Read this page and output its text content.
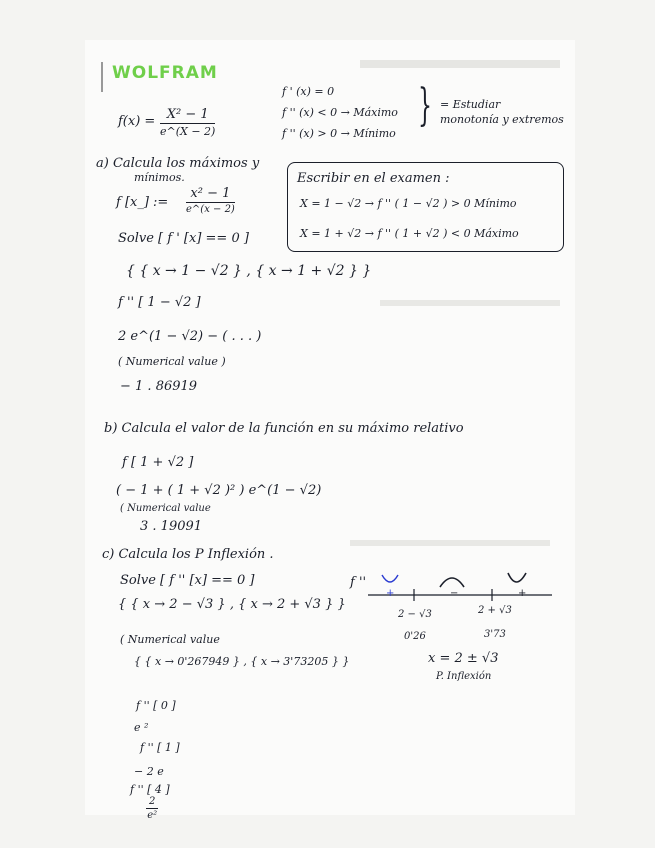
WOLFRAM
f(x) = X² − 1
e^(X − 2)
f ' (x) = 0
f '' (x) < 0 → Máximo
f '' (x) > 0 → Mínimo
} = Estudiar
monotonía y extremos
a) Calcula los máximos y
mínimos.
f [x_] :=
x² − 1
e^(x − 2)
Solve [ f ' [x] == 0 ]
{ { x → 1 − √2 } , { x → 1 + √2 } }
f '' [ 1 − √2 ]
2 e^(1 − √2) − ( . . . )
( Numerical value )
− 1 . 86919
Escribir en el examen :
X = 1 − √2 → f '' ( 1 − √2 ) > 0 Mínimo
X = 1 + √2 → f '' ( 1 + √2 ) < 0 Máximo
b) Calcula el valor de la función en su máximo relativo
f [ 1 + √2 ]
( − 1 + ( 1 + √2 )² ) e^(1 − √2)
( Numerical value
3 . 19091
c) Calcula los P Inflexión .
Solve [ f '' [x] == 0 ]
{ { x → 2 − √3 } , { x → 2 + √3 } }
( Numerical value
{ { x → 0'267949 } , { x → 3'73205 } }
f '' [ 0 ]
e ²
f '' [ 1 ]
− 2 e
f '' [ 4 ]
$\frac{2}{\text{e²}}$
f ''
+	−	+
2 − √3	2 + √3
0'26	3'73
x = 2 ± √3
P. Inflexión
